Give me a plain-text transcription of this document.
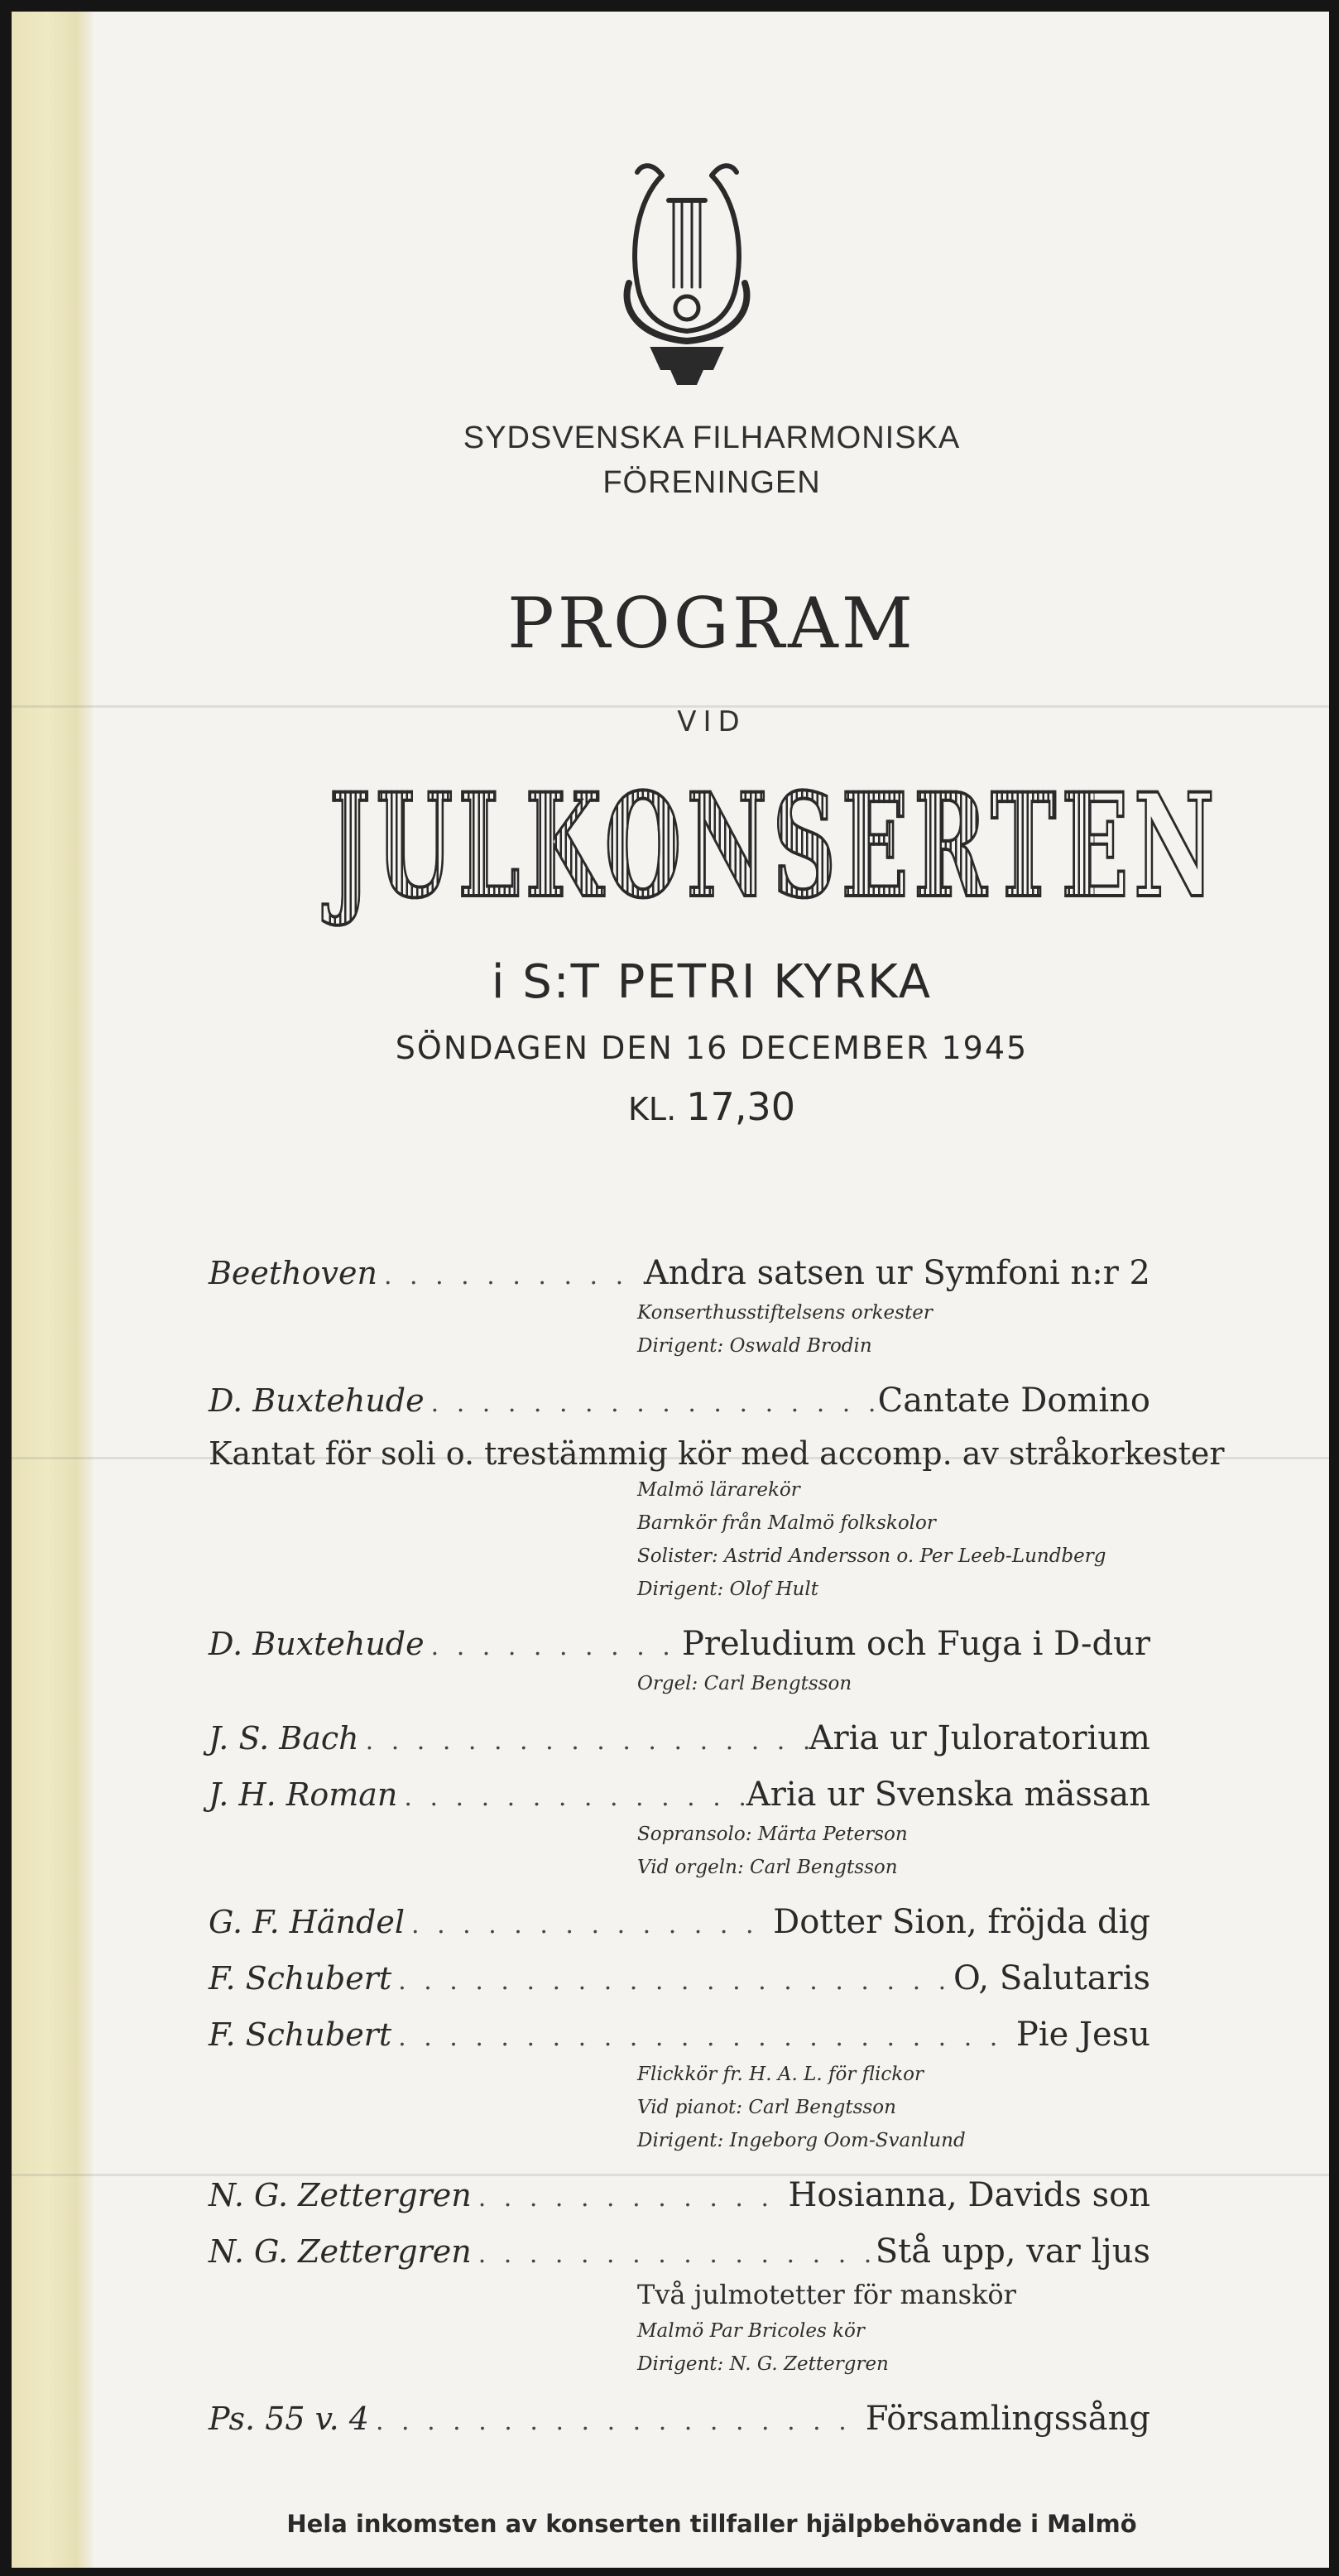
SYDSVENSKA FILHARMONISKA
FÖRENINGEN
PROGRAM
VID
JULKONSERTEN
i S:T PETRI KYRKA
SÖNDAGEN DEN 16 DECEMBER 1945
KL. 17,30
Beethoven . . .	Andra satsen ur Symfoni n:r 2
Konserthusstiftelsens orkester
Dirigent: Oswald Brodin
D. Buxtehude . . .	Cantate Domino
Kantat för soli o. trestämmig kör med accomp. av stråkorkester
Malmö lärarekör
Barnkör från Malmö folkskolor
Solister: Astrid Andersson o. Per Leeb-Lundberg
Dirigent: Olof Hult
D. Buxtehude . . .	Preludium och Fuga i D-dur
Orgel: Carl Bengtsson
J. S. Bach . . .	Aria ur Juloratorium
J. H. Roman . . .	Aria ur Svenska mässan
Sopransolo: Märta Peterson
Vid orgeln: Carl Bengtsson
G. F. Händel . . .	Dotter Sion, fröjda dig
F. Schubert . . .	O, Salutaris
F. Schubert . . .	Pie Jesu
Flickkör fr. H. A. L. för flickor
Vid pianot: Carl Bengtsson
Dirigent: Ingeborg Oom-Svanlund
N. G. Zettergren . . .	Hosianna, Davids son
N. G. Zettergren . . .	Stå upp, var ljus
Två julmotetter för manskör
Malmö Par Bricoles kör
Dirigent: N. G. Zettergren
Ps. 55 v. 4 . . .	Församlingssång
Hela inkomsten av konserten tillfaller hjälpbehövande i Malmö
